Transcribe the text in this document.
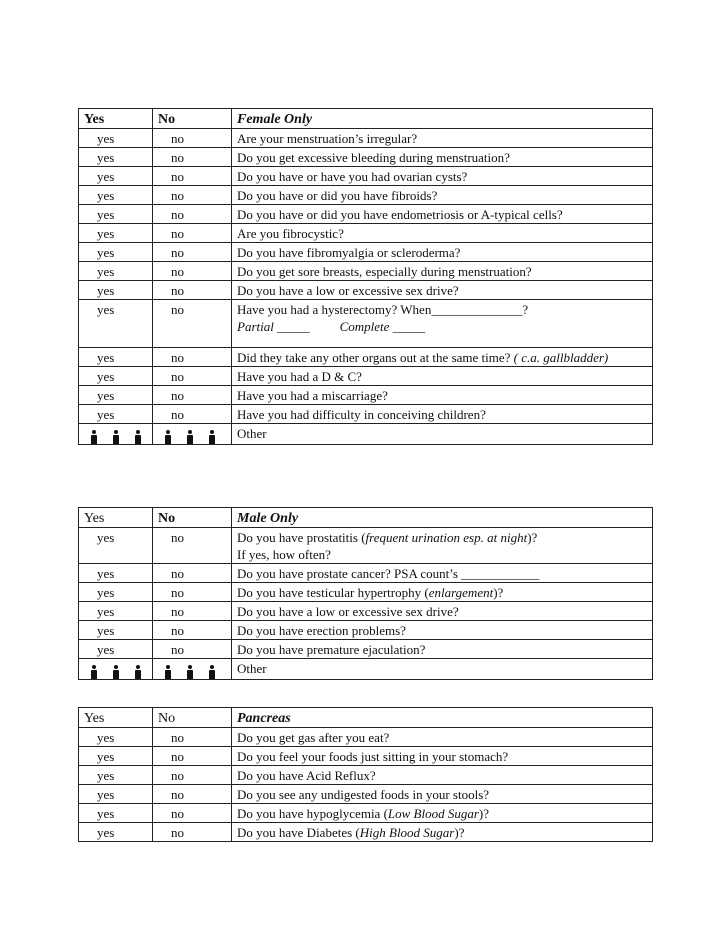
Yes	No	Female Only
yes	no	Are your menstruation’s irregular?
yes	no	Do you get excessive bleeding during menstruation?
yes	no	Do you have or have you had ovarian cysts?
yes	no	Do you have or did you have fibroids?
yes	no	Do you have or did you have endometriosis or A-typical cells?
yes	no	Are you fibrocystic?
yes	no	Do you have fibromyalgia or scleroderma?
yes	no	Do you get sore breasts, especially during menstruation?
yes	no	Do you have a low or excessive sex drive?
yes	no	Have you had a hysterectomy? When______________?
Partial _____ Complete _____

yes	no	Did they take any other organs out at the same time? ( c.a. gallbladder)
yes	no	Have you had a D & C?
yes	no	Have you had a miscarriage?
yes	no	Have you had difficulty in conceiving children?
		Other
Yes	No	Male Only
yes	no	Do you have prostatitis (frequent urination esp. at night)?
If yes, how often?

yes	no	Do you have prostate cancer? PSA count’s ____________
yes	no	Do you have testicular hypertrophy (enlargement)?
yes	no	Do you have a low or excessive sex drive?
yes	no	Do you have erection problems?
yes	no	Do you have premature ejaculation?
		Other
Yes	No	Pancreas
yes	no	Do you get gas after you eat?
yes	no	Do you feel your foods just sitting in your stomach?
yes	no	Do you have Acid Reflux?
yes	no	Do you see any undigested foods in your stools?
yes	no	Do you have hypoglycemia (Low Blood Sugar)?
yes	no	Do you have Diabetes (High Blood Sugar)?
